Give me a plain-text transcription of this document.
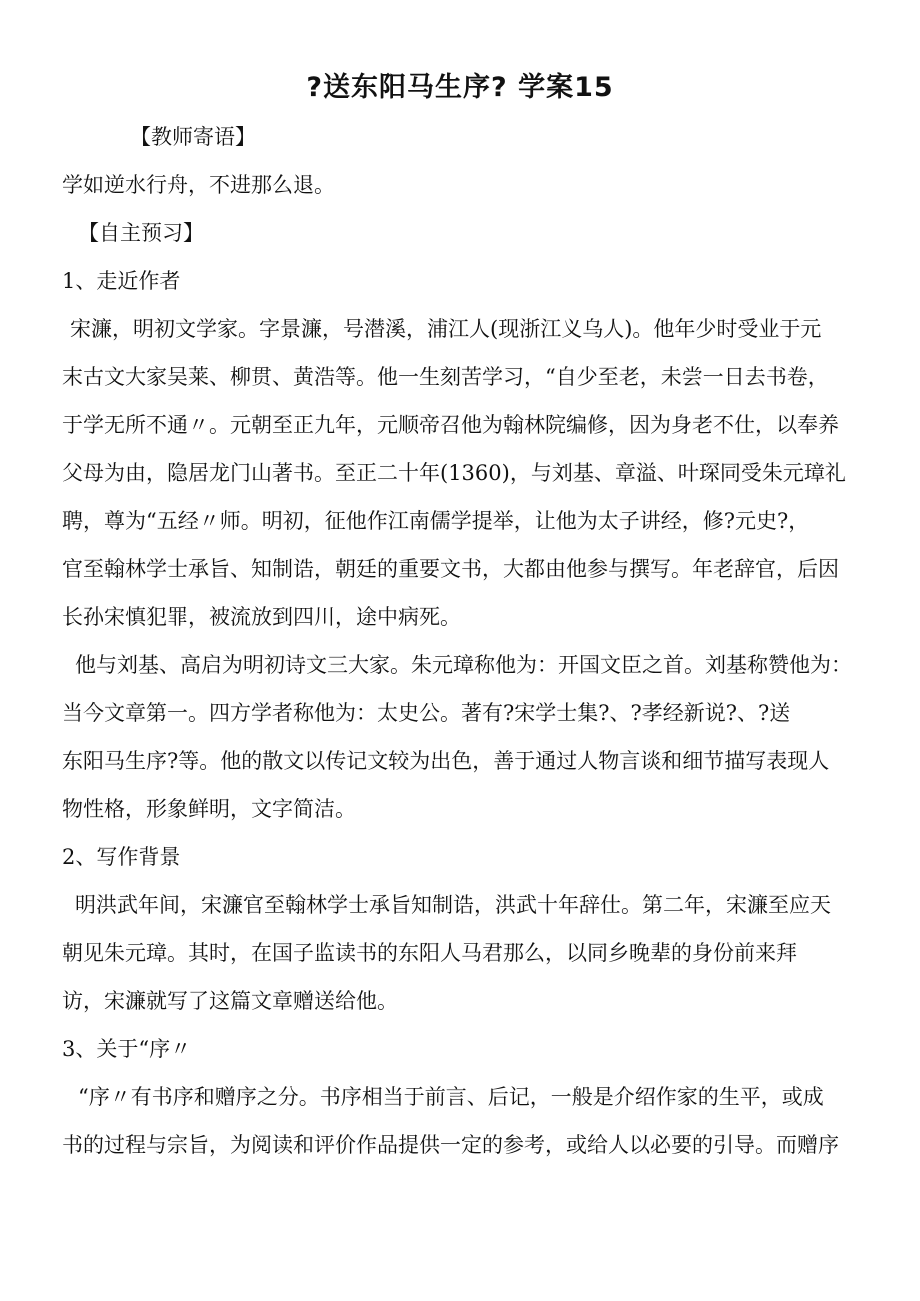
?送东阳马生序? 学案15
【教师寄语】
学如逆水行舟，不进那么退。
【自主预习】
1、走近作者
宋濂，明初文学家。字景濂，号潜溪，浦江人(现浙江义乌人)。他年少时受业于元
末古文大家吴莱、柳贯、黄浩等。他一生刻苦学习，“自少至老，未尝一日去书卷，
于学无所不通〃。元朝至正九年，元顺帝召他为翰林院编修，因为身老不仕，以奉养
父母为由，隐居龙门山著书。至正二十年(1360)，与刘基、章溢、叶琛同受朱元璋礼
聘，尊为“五经〃师。明初，征他作江南儒学提举，让他为太子讲经，修?元史?，
官至翰林学士承旨、知制诰，朝廷的重要文书，大都由他参与撰写。年老辞官，后因
长孙宋慎犯罪，被流放到四川，途中病死。
他与刘基、高启为明初诗文三大家。朱元璋称他为：开国文臣之首。刘基称赞他为：
当今文章第一。四方学者称他为：太史公。著有?宋学士集?、?孝经新说?、?送
东阳马生序?等。他的散文以传记文较为出色，善于通过人物言谈和细节描写表现人
物性格，形象鲜明，文字简洁。
2、写作背景
明洪武年间，宋濂官至翰林学士承旨知制诰，洪武十年辞仕。第二年，宋濂至应天
朝见朱元璋。其时，在国子监读书的东阳人马君那么，以同乡晚辈的身份前来拜
访，宋濂就写了这篇文章赠送给他。
3、关于“序〃
“序〃有书序和赠序之分。书序相当于前言、后记，一般是介绍作家的生平，或成
书的过程与宗旨，为阅读和评价作品提供一定的参考，或给人以必要的引导。而赠序
